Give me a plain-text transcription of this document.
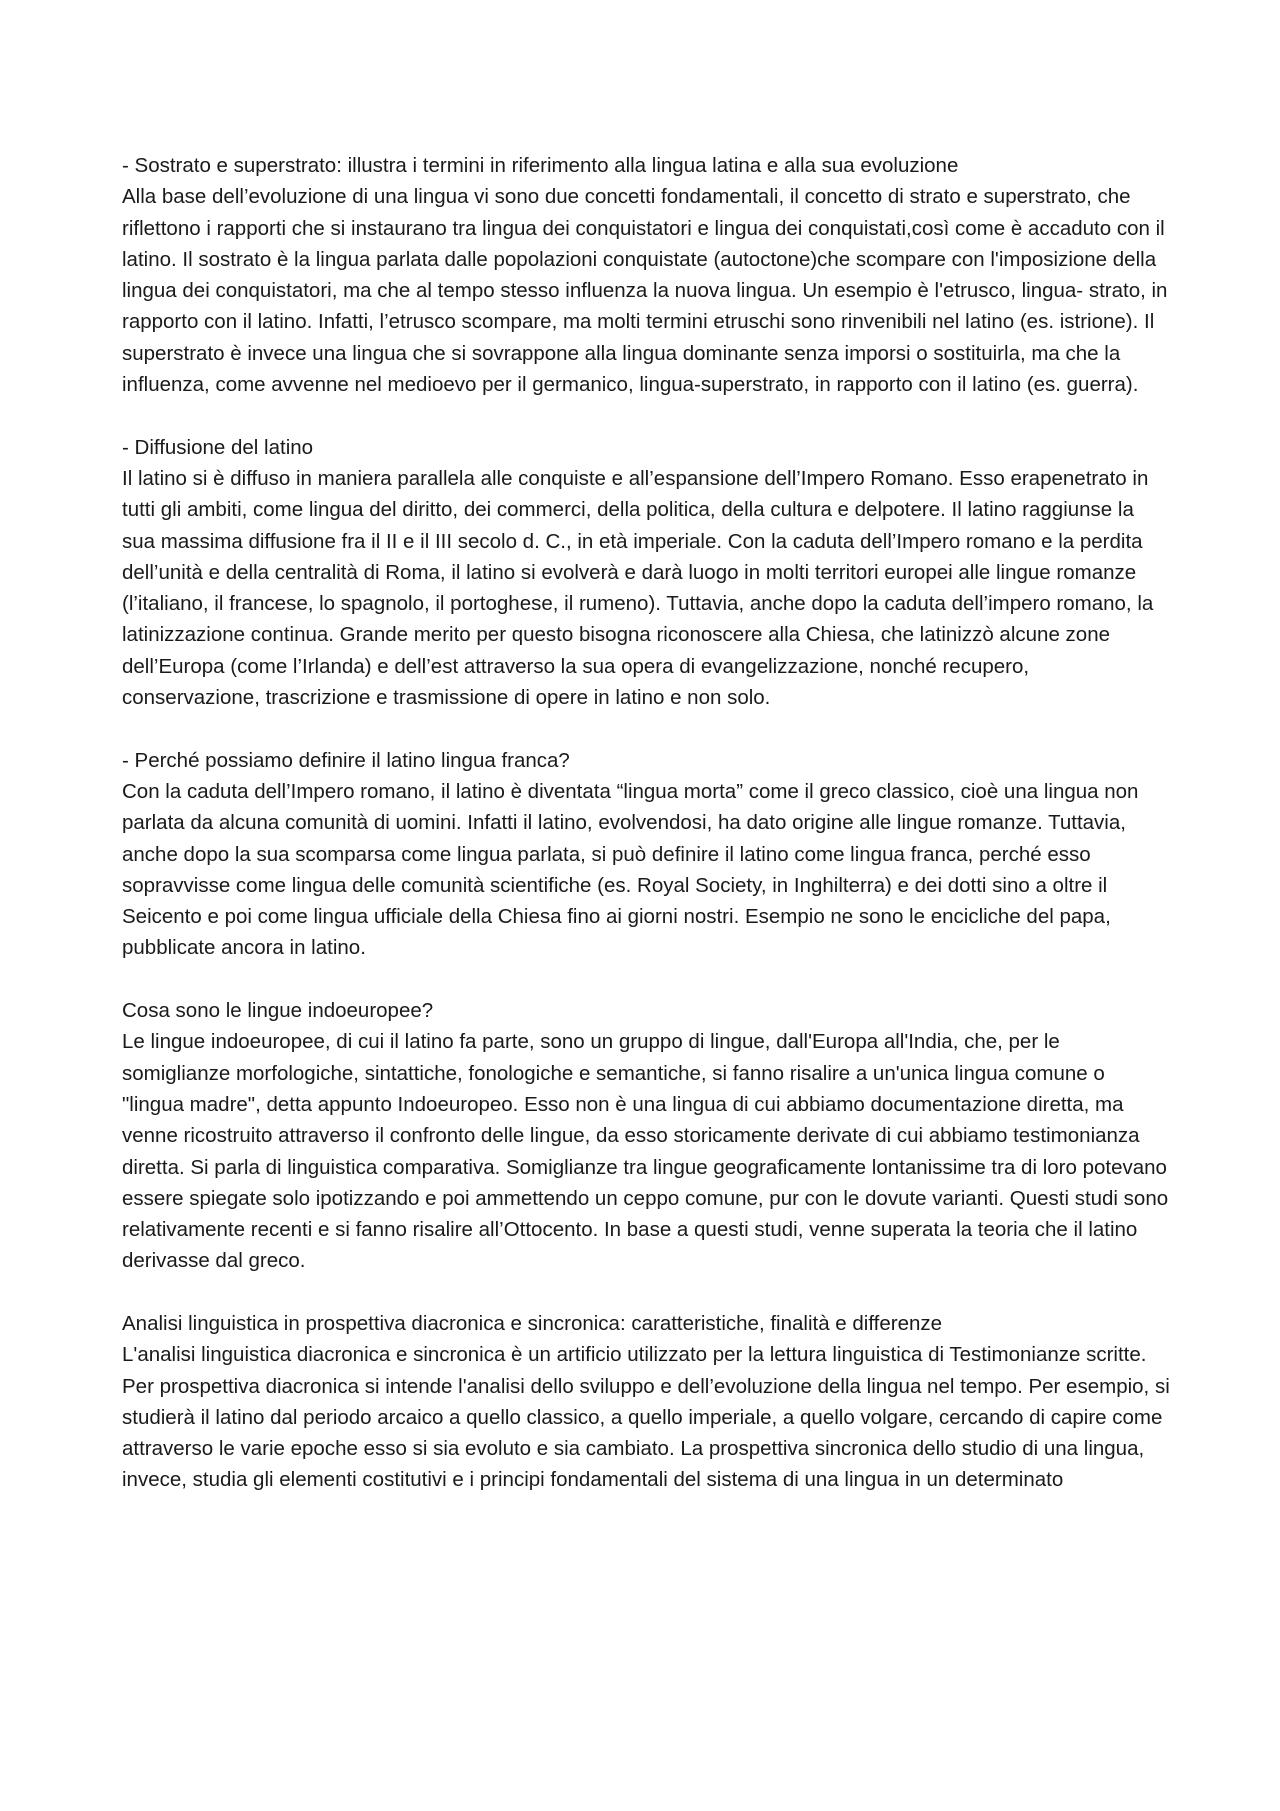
- Sostrato e superstrato: illustra i termini in riferimento alla lingua latina e alla sua evoluzione

Alla base dell’evoluzione di una lingua vi sono due concetti fondamentali, il concetto di strato e superstrato, che riflettono i rapporti che si instaurano tra lingua dei conquistatori e lingua dei conquistati,così come è accaduto con il latino. Il sostrato è la lingua parlata dalle popolazioni conquistate (autoctone)che scompare con l'imposizione della lingua dei conquistatori, ma che al tempo stesso influenza la nuova lingua. Un esempio è l'etrusco, lingua- strato, in rapporto con il latino. Infatti, l’etrusco scompare, ma molti termini etruschi sono rinvenibili nel latino (es. istrione). Il superstrato è invece una lingua che si sovrappone alla lingua dominante senza imporsi o sostituirla, ma che la influenza, come avvenne nel medioevo per il germanico, lingua-superstrato, in rapporto con il latino (es. guerra).

- Diffusione del latino

Il latino si è diffuso in maniera parallela alle conquiste e all’espansione dell’Impero Romano. Esso erapenetrato in tutti gli ambiti, come lingua del diritto, dei commerci, della politica, della cultura e delpotere. Il latino raggiunse la sua massima diffusione fra il II e il III secolo d. C., in età imperiale. Con la caduta dell’Impero romano e la perdita dell’unità e della centralità di Roma, il latino si evolverà e darà luogo in molti territori europei alle lingue romanze (l’italiano, il francese, lo spagnolo, il portoghese, il rumeno). Tuttavia, anche dopo la caduta dell’impero romano, la latinizzazione continua. Grande merito per questo bisogna riconoscere alla Chiesa, che latinizzò alcune zone dell’Europa (come l’Irlanda) e dell’est attraverso la sua opera di evangelizzazione, nonché recupero, conservazione, trascrizione e trasmissione di opere in latino e non solo.

- Perché possiamo definire il latino lingua franca?

Con la caduta dell’Impero romano, il latino è diventata “lingua morta” come il greco classico, cioè una lingua non parlata da alcuna comunità di uomini. Infatti il latino, evolvendosi, ha dato origine alle lingue romanze. Tuttavia, anche dopo la sua scomparsa come lingua parlata, si può definire il latino come lingua franca, perché esso sopravvisse come lingua delle comunità scientifiche (es. Royal Society, in Inghilterra) e dei dotti sino a oltre il Seicento e poi come lingua ufficiale della Chiesa fino ai giorni nostri. Esempio ne sono le encicliche del papa, pubblicate ancora in latino.

Cosa sono le lingue indoeuropee?

Le lingue indoeuropee, di cui il latino fa parte, sono un gruppo di lingue, dall'Europa all'India, che, per le somiglianze morfologiche, sintattiche, fonologiche e semantiche, si fanno risalire a un'unica lingua comune o "lingua madre", detta appunto Indoeuropeo. Esso non è una lingua di cui abbiamo documentazione diretta, ma venne ricostruito attraverso il confronto delle lingue, da esso storicamente derivate di cui abbiamo testimonianza diretta. Si parla di linguistica comparativa. Somiglianze tra lingue geograficamente lontanissime tra di loro potevano essere spiegate solo ipotizzando e poi ammettendo un ceppo comune, pur con le dovute varianti. Questi studi sono relativamente recenti e si fanno risalire all’Ottocento. In base a questi studi, venne superata la teoria che il latino derivasse dal greco.

Analisi linguistica in prospettiva diacronica e sincronica: caratteristiche, finalità e differenze

L'analisi linguistica diacronica e sincronica è un artificio utilizzato per la lettura linguistica di Testimonianze scritte. Per prospettiva diacronica si intende l'analisi dello sviluppo e dell’evoluzione della lingua nel tempo. Per esempio, si studierà il latino dal periodo arcaico a quello classico, a quello imperiale, a quello volgare, cercando di capire come attraverso le varie epoche esso si sia evoluto e sia cambiato. La prospettiva sincronica dello studio di una lingua, invece, studia gli elementi costitutivi e i principi fondamentali del sistema di una lingua in un determinato
